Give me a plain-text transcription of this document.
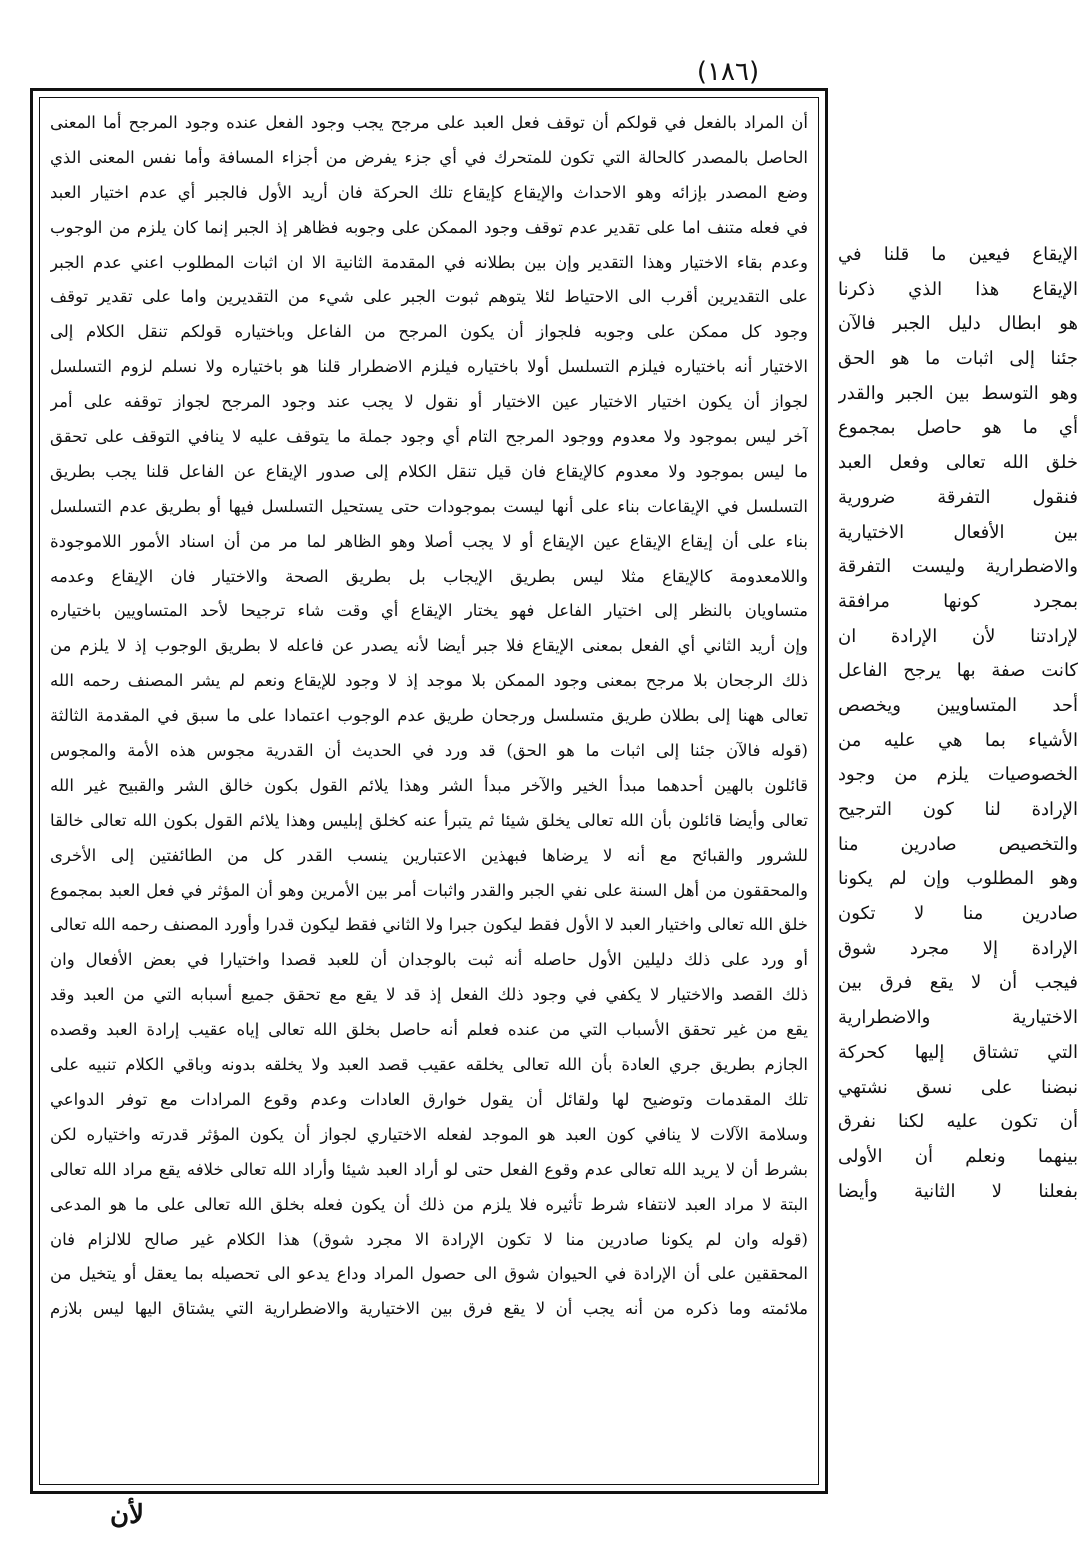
(١٨٦)
أن المراد بالفعل في قولكم أن توقف فعل العبد على مرجح يجب وجود الفعل عنده وجود المرجح أما المعنى
الحاصل بالمصدر كالحالة التي تكون للمتحرك في أي جزء يفرض من أجزاء المسافة وأما نفس المعنى الذي
وضع المصدر بإزائه وهو الاحداث والإيقاع كإيقاع تلك الحركة فان أريد الأول فالجبر أي عدم اختيار العبد
في فعله متنف اما على تقدير عدم توقف وجود الممكن على وجوبه فظاهر إذ الجبر إنما كان يلزم من الوجوب
وعدم بقاء الاختيار وهذا التقدير وإن بين بطلانه في المقدمة الثانية الا ان اثبات المطلوب اعني عدم الجبر
على التقديرين أقرب الى الاحتياط لئلا يتوهم ثبوت الجبر على شيء من التقديرين واما على تقدير توقف
وجود كل ممكن على وجوبه فلجواز أن يكون المرجح من الفاعل وباختياره قولكم تنقل الكلام إلى
الاختيار أنه باختياره فيلزم التسلسل أولا باختياره فيلزم الاضطرار قلنا هو باختياره ولا نسلم لزوم التسلسل
لجواز أن يكون اختيار الاختيار عين الاختيار أو نقول لا يجب عند وجود المرجح لجواز توقفه على أمر
آخر ليس بموجود ولا معدوم ووجود المرجح التام أي وجود جملة ما يتوقف عليه لا ينافي التوقف على تحقق
ما ليس بموجود ولا معدوم كالإيقاع فان قيل تنقل الكلام إلى صدور الإيقاع عن الفاعل قلنا يجب بطريق
التسلسل في الإيقاعات بناء على أنها ليست بموجودات حتى يستحيل التسلسل فيها أو بطريق عدم التسلسل
بناء على أن إيقاع الإيقاع عين الإيقاع أو لا يجب أصلا وهو الظاهر لما مر من أن اسناد الأمور اللاموجودة
واللامعدومة كالإيقاع مثلا ليس بطريق الإيجاب بل بطريق الصحة والاختيار فان الإيقاع وعدمه
متساويان بالنظر إلى اختيار الفاعل فهو يختار الإيقاع أي وقت شاء ترجيحا لأحد المتساويين باختياره
وإن أريد الثاني أي الفعل بمعنى الإيقاع فلا جبر أيضا لأنه يصدر عن فاعله لا بطريق الوجوب إذ لا يلزم من
ذلك الرجحان بلا مرجح بمعنى وجود الممكن بلا موجد إذ لا وجود للإيقاع ونعم لم يشر المصنف رحمه الله
تعالى ههنا إلى بطلان طريق متسلسل ورجحان طريق عدم الوجوب اعتمادا على ما سبق في المقدمة الثالثة
(قوله فالآن جئنا إلى اثبات ما هو الحق) قد ورد في الحديث أن القدرية مجوس هذه الأمة والمجوس
قائلون بالهين أحدهما مبدأ الخير والآخر مبدأ الشر وهذا يلائم القول بكون خالق الشر والقبيح غير الله
تعالى وأيضا قائلون بأن الله تعالى يخلق شيئا ثم يتبرأ عنه كخلق إبليس وهذا يلائم القول بكون الله تعالى خالقا
للشرور والقبائح مع أنه لا يرضاها فبهذين الاعتبارين ينسب القدر كل من الطائفتين إلى الأخرى
والمحققون من أهل السنة على نفي الجبر والقدر واثبات أمر بين الأمرين وهو أن المؤثر في فعل العبد بمجموع
خلق الله تعالى واختيار العبد لا الأول فقط ليكون جبرا ولا الثاني فقط ليكون قدرا وأورد المصنف رحمه الله تعالى
أو ورد على ذلك دليلين الأول حاصله أنه ثبت بالوجدان أن للعبد قصدا واختيارا في بعض الأفعال وان
ذلك القصد والاختيار لا يكفي في وجود ذلك الفعل إذ قد لا يقع مع تحقق جميع أسبابه التي من العبد وقد
يقع من غير تحقق الأسباب التي من عنده فعلم أنه حاصل بخلق الله تعالى إياه عقيب إرادة العبد وقصده
الجازم بطريق جري العادة بأن الله تعالى يخلقه عقيب قصد العبد ولا يخلقه بدونه وباقي الكلام تنبيه على
تلك المقدمات وتوضيح لها ولقائل أن يقول خوارق العادات وعدم وقوع المرادات مع توفر الدواعي
وسلامة الآلات لا ينافي كون العبد هو الموجد لفعله الاختياري لجواز أن يكون المؤثر قدرته واختياره لكن
بشرط أن لا يريد الله تعالى عدم وقوع الفعل حتى لو أراد العبد شيئا وأراد الله تعالى خلافه يقع مراد الله تعالى
البتة لا مراد العبد لانتفاء شرط تأثيره فلا يلزم من ذلك أن يكون فعله بخلق الله تعالى على ما هو المدعى
(قوله وان لم يكونا صادرين منا لا تكون الإرادة الا مجرد شوق) هذا الكلام غير صالح للالزام فان
المحققين على أن الإرادة في الحيوان شوق الى حصول المراد وداع يدعو الى تحصيله بما يعقل أو يتخيل من
ملائمته وما ذكره من أنه يجب أن لا يقع فرق بين الاختيارية والاضطرارية التي يشتاق اليها ليس بلازم
الإيقاع فيعين ما قلنا في
الإيقاع هذا الذي ذكرنا
هو ابطال دليل الجبر فالآن
جئنا إلى اثبات ما هو الحق
وهو التوسط بين الجبر والقدر
أي ما هو حاصل بمجموع
خلق الله تعالى وفعل العبد
فنقول التفرقة ضرورية
بين الأفعال الاختيارية
والاضطرارية وليست التفرقة
بمجرد كونها مرافقة
لإرادتنا لأن الإرادة ان
كانت صفة بها يرجح الفاعل
أحد المتساويين ويخصص
الأشياء بما هي عليه من
الخصوصيات يلزم من وجود
الإرادة لنا كون الترجيح
والتخصيص صادرين منا
وهو المطلوب وإن لم يكونا
صادرين منا لا تكون
الإرادة إلا مجرد شوق
فيجب أن لا يقع فرق بين
الاختيارية والاضطرارية
التي تشتاق إليها كحركة
نبضنا على نسق نشتهي
أن تكون عليه لكنا نفرق
بينهما ونعلم أن الأولى
بفعلنا لا الثانية وأيضا
لأن
